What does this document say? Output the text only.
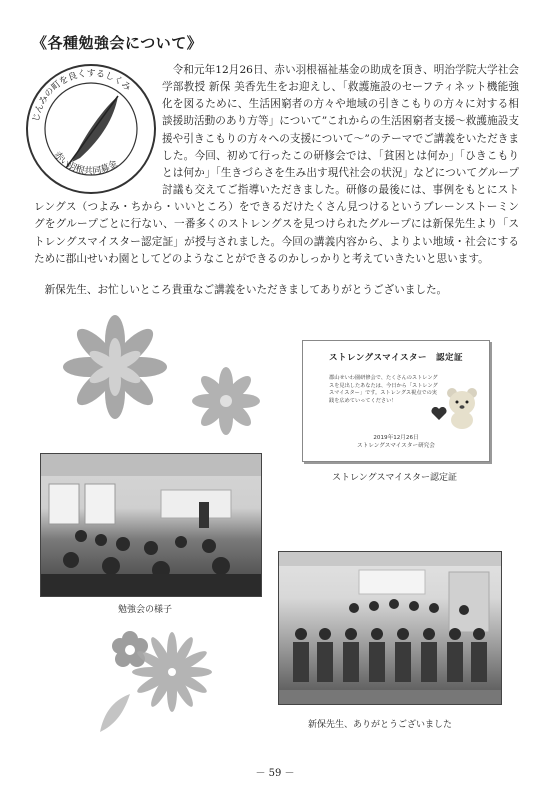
《各種勉強会について》

令和元年12月26日、赤い羽根福祉基金の助成を頂き、明治学院大学社会学部教授 新保 美香先生をお迎えし、「救護施設のセーフティネット機能強化を図るために、生活困窮者の方々や地域の引きこもりの方々に対する相談援助活動のあり方等」について”これからの生活困窮者支援～救護施設支援や引きこもりの方々への支援について～”のテーマでご講義をいただきました。今回、初めて行ったこの研修会では、「貧困とは何か」「ひきこもりとは何か」「生きづらさを生み出す現代社会の状況」などについてグループ討議も交えてご指導いただきました。研修の最後には、事例をもとにストレングス（つよみ・ちから・いいところ）をできるだけたくさん見つけるというブレーンストーミングをグループごとに行ない、一番多くのストレングスを見つけられたグループには新保先生より「ストレングスマイスター認定証」が授与されました。今回の講義内容から、よりよい地域・社会にするために郡山せいわ園としてどのようなことができるのかしっかりと考えていきたいと思います。

新保先生、お忙しいところ貴重なご講義をいただきましてありがとうございました。
じんみの町を良くするしくみ
赤い羽根共同募金
ストレングスマイスター　認定証
郡山せいわ園研修会で、たくさんのストレングスを見出したあなたは、今日から「ストレングスマイスター」です。ストレングス視点での実践を広めていってください！
2019年12月26日
ストレングスマイスター研究会
ストレングスマイスター認定証
勉強会の様子
新保先生、ありがとうございました
－ 59 －
